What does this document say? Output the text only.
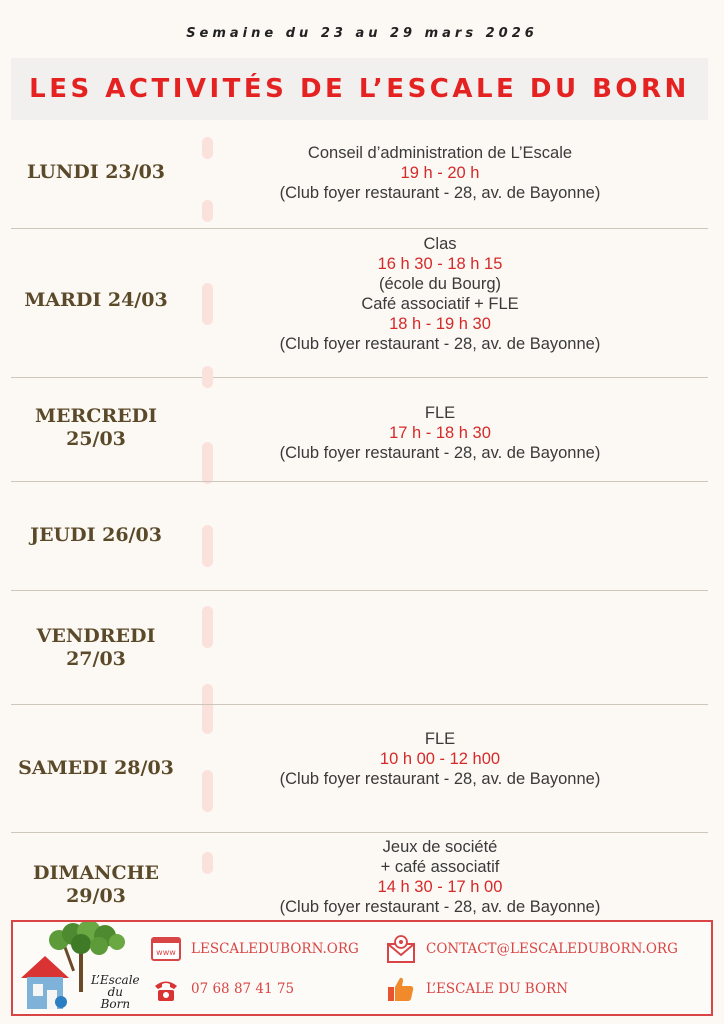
Semaine du 23 au 29 mars 2026
LES ACTIVITÉS DE L’ESCALE DU BORN
LUNDI 23/03
Conseil d’administration de L’Escale
19 h - 20 h
(Club foyer restaurant - 28, av. de Bayonne)
MARDI 24/03
Clas
16 h 30 - 18 h 15
(école du Bourg)
Café associatif + FLE
18 h - 19 h 30
(Club foyer restaurant - 28, av. de Bayonne)
MERCREDI 25/03
FLE
17 h - 18 h 30
(Club foyer restaurant - 28, av. de Bayonne)
JEUDI 26/03
VENDREDI 27/03
SAMEDI 28/03
FLE
10 h 00 - 12 h00
(Club foyer restaurant - 28, av. de Bayonne)
DIMANCHE 29/03
Jeux de société
+ café associatif
14 h 30 - 17 h 00
(Club foyer restaurant - 28, av. de Bayonne)
L’Escale
du Born
www LESCALEDUBORN.ORG
07 68 87 41 75
CONTACT@LESCALEDUBORN.ORG
L’ESCALE DU BORN
